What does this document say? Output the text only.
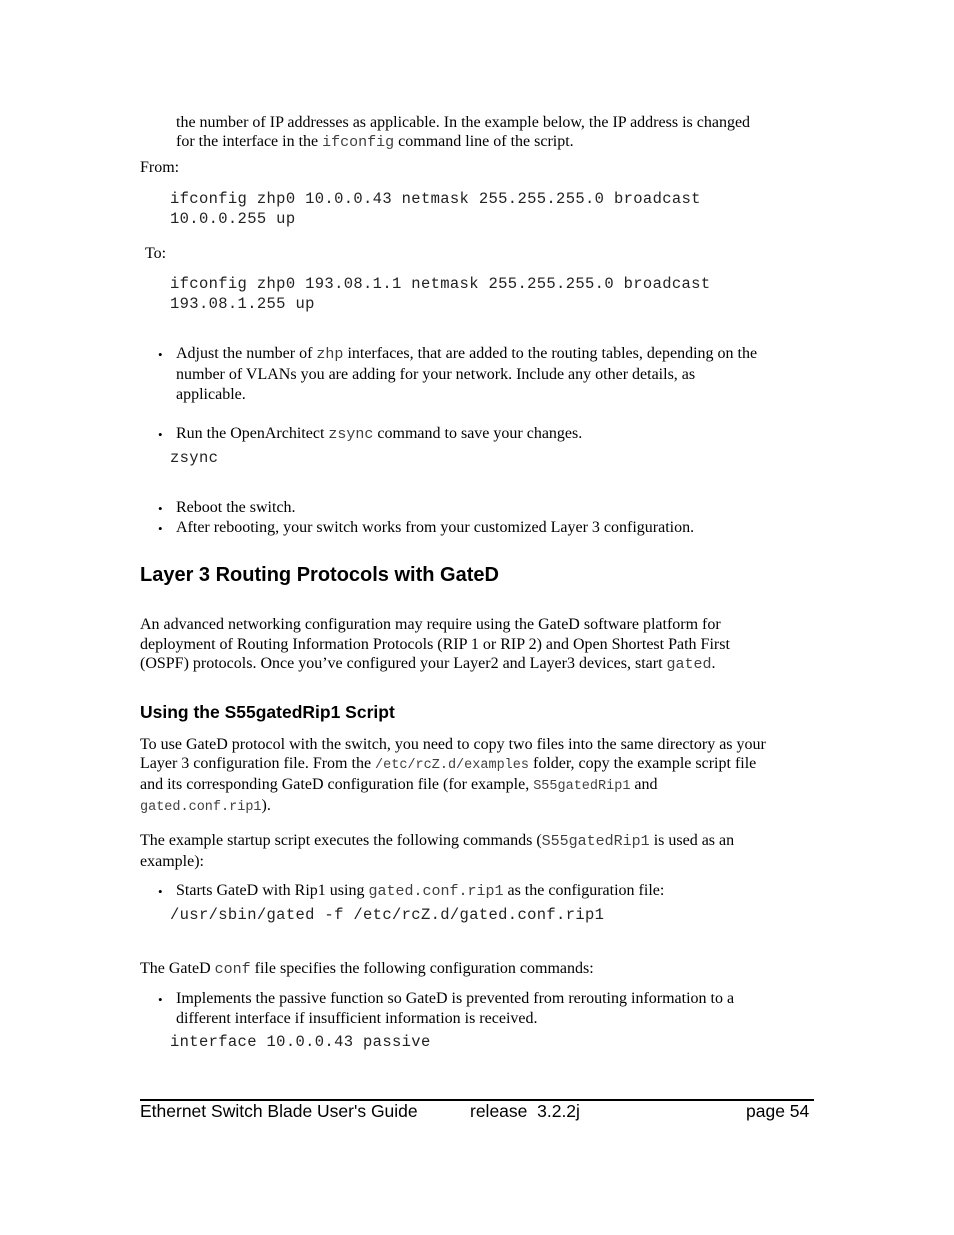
the number of IP addresses as applicable. In the example below, the IP address is changed

for the interface in the ifconfig command line of the script.

From:

ifconfig zhp0 10.0.0.43 netmask 255.255.255.0 broadcast
10.0.0.255 up

To:

ifconfig zhp0 193.08.1.1 netmask 255.255.255.0 broadcast
193.08.1.255 up
• Adjust the number of zhp interfaces, that are added to the routing tables, depending on the

number of VLANs you are adding for your network. Include any other details, as

applicable.

• Run the OpenArchitect zsync command to save your changes.

zsync
• Reboot the switch.

• After rebooting, your switch works from your customized Layer 3 configuration.

Layer 3 Routing Protocols with GateD

An advanced networking configuration may require using the GateD software platform for

deployment of Routing Information Protocols (RIP 1 or RIP 2) and Open Shortest Path First

(OSPF) protocols. Once you’ve configured your Layer2 and Layer3 devices, start gated.

Using the S55gatedRip1 Script

To use GateD protocol with the switch, you need to copy two files into the same directory as your

Layer 3 configuration file. From the /etc/rcZ.d/examples folder, copy the example script file

and its corresponding GateD configuration file (for example, S55gatedRip1 and

gated.conf.rip1).

The example startup script executes the following commands (S55gatedRip1 is used as an

example):

• Starts GateD with Rip1 using gated.conf.rip1 as the configuration file:

/usr/sbin/gated -f /etc/rcZ.d/gated.conf.rip1

The GateD conf file specifies the following configuration commands:

• Implements the passive function so GateD is prevented from rerouting information to a

different interface if insufficient information is received.

interface 10.0.0.43 passive
Ethernet Switch Blade User's Guide	release  3.2.2j	page 54
